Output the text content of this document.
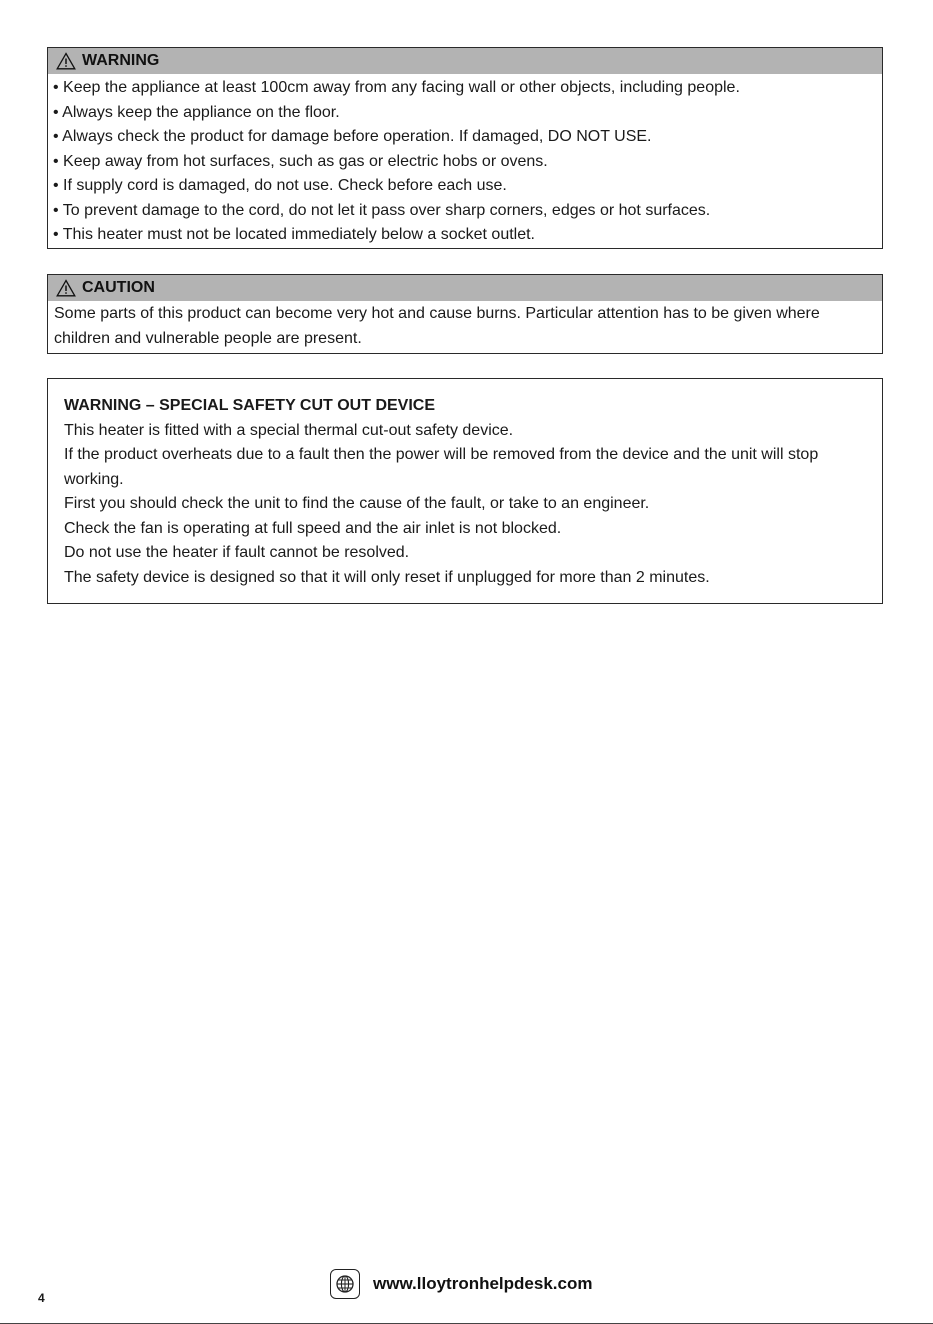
WARNING
• Keep the appliance at least 100cm away from any facing wall or other objects, including people.
• Always keep the appliance on the floor.
• Always check the product for damage before operation. If damaged, DO NOT USE.
• Keep away from hot surfaces, such as gas or electric hobs or ovens.
• If supply cord is damaged, do not use. Check before each use.
• To prevent damage to the cord, do not let it pass over sharp corners, edges or hot surfaces.
• This heater must not be located immediately below a socket outlet.
CAUTION
Some parts of this product can become very hot and cause burns. Particular attention has to be given where children and vulnerable people are present.
WARNING – SPECIAL SAFETY CUT OUT DEVICE
This heater is fitted with a special thermal cut-out safety device.
If the product overheats due to a fault then the power will be removed from the device and the unit will stop working.
First you should check the unit to find the cause of the fault, or take to an engineer.
Check the fan is operating at full speed and the air inlet is not blocked.
Do not use the heater if fault cannot be resolved.
The safety device is designed so that it will only reset if unplugged for more than 2 minutes.
www.lloytronhelpdesk.com
4
